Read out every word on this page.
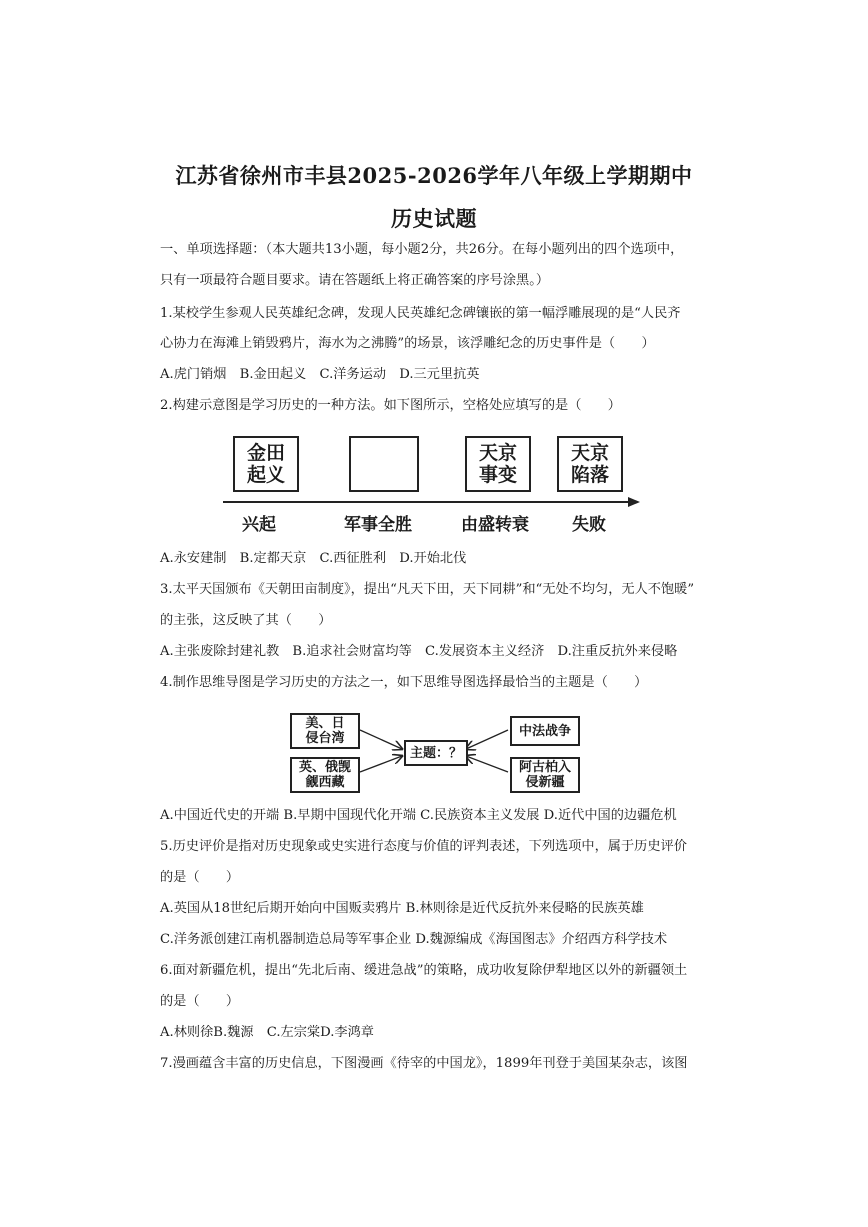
江苏省徐州市丰县2025-2026学年八年级上学期期中
历史试题
一、单项选择题：（本大题共13小题，每小题2分，共26分。在每小题列出的四个选项中，
只有一项最符合题目要求。请在答题纸上将正确答案的序号涂黑。）
1.某校学生参观人民英雄纪念碑，发现人民英雄纪念碑镶嵌的第一幅浮雕展现的是“人民齐
心协力在海滩上销毁鸦片，海水为之沸腾”的场景，该浮雕纪念的历史事件是（　　）
A.虎门销烟　B.金田起义　C.洋务运动　D.三元里抗英
2.构建示意图是学习历史的一种方法。如下图所示，空格处应填写的是（　　）
金田
起义
天京
事变
天京
陷落
兴起	军事全胜	由盛转衰	失败
A.永安建制　B.定都天京　C.西征胜利　D.开始北伐
3.太平天国颁布《天朝田亩制度》，提出“凡天下田，天下同耕”和“无处不均匀，无人不饱暖”
的主张，这反映了其（　　）
A.主张废除封建礼教　B.追求社会财富均等　C.发展资本主义经济　D.注重反抗外来侵略
4.制作思维导图是学习历史的方法之一，如下思维导图选择最恰当的主题是（　　）
美、日
侵台湾
英、俄觊
觎西藏
主题：？
中法战争
阿古柏入
侵新疆
A.中国近代史的开端 B.早期中国现代化开端 C.民族资本主义发展 D.近代中国的边疆危机
5.历史评价是指对历史现象或史实进行态度与价值的评判表述，下列选项中，属于历史评价
的是（　　）
A.英国从18世纪后期开始向中国贩卖鸦片 B.林则徐是近代反抗外来侵略的民族英雄
C.洋务派创建江南机器制造总局等军事企业 D.魏源编成《海国图志》介绍西方科学技术
6.面对新疆危机，提出“先北后南、缓进急战”的策略，成功收复除伊犁地区以外的新疆领土
的是（　　）
A.林则徐B.魏源　C.左宗棠D.李鸿章
7.漫画蕴含丰富的历史信息，下图漫画《待宰的中国龙》，1899年刊登于美国某杂志，该图
